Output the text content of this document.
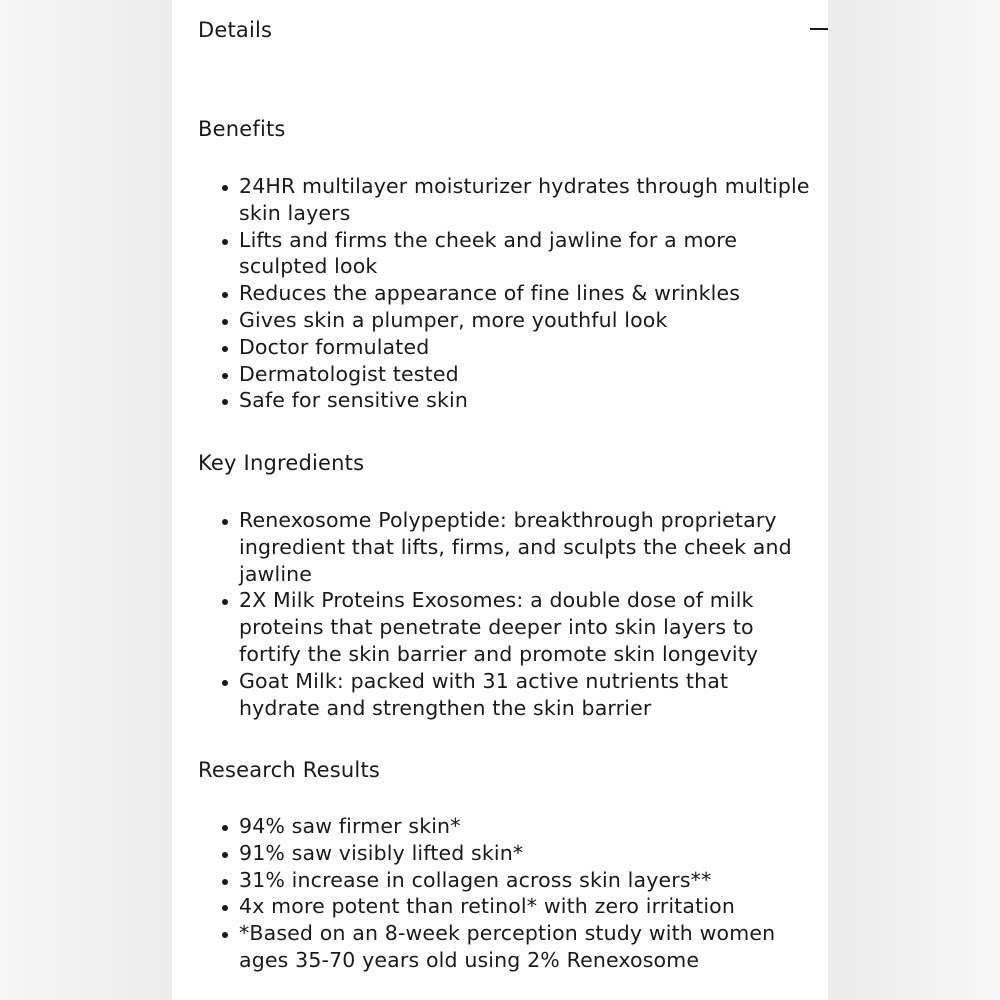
Details
Benefits
24HR multilayer moisturizer hydrates through multiple skin layers
Lifts and firms the cheek and jawline for a more sculpted look
Reduces the appearance of fine lines & wrinkles
Gives skin a plumper, more youthful look
Doctor formulated
Dermatologist tested
Safe for sensitive skin
Key Ingredients
Renexosome Polypeptide: breakthrough proprietary ingredient that lifts, firms, and sculpts the cheek and jawline
2X Milk Proteins Exosomes: a double dose of milk proteins that penetrate deeper into skin layers to fortify the skin barrier and promote skin longevity
Goat Milk: packed with 31 active nutrients that hydrate and strengthen the skin barrier
Research Results
94% saw firmer skin*
91% saw visibly lifted skin*
31% increase in collagen across skin layers**
4x more potent than retinol* with zero irritation
*Based on an 8-week perception study with women ages 35-70 years old using 2% Renexosome
